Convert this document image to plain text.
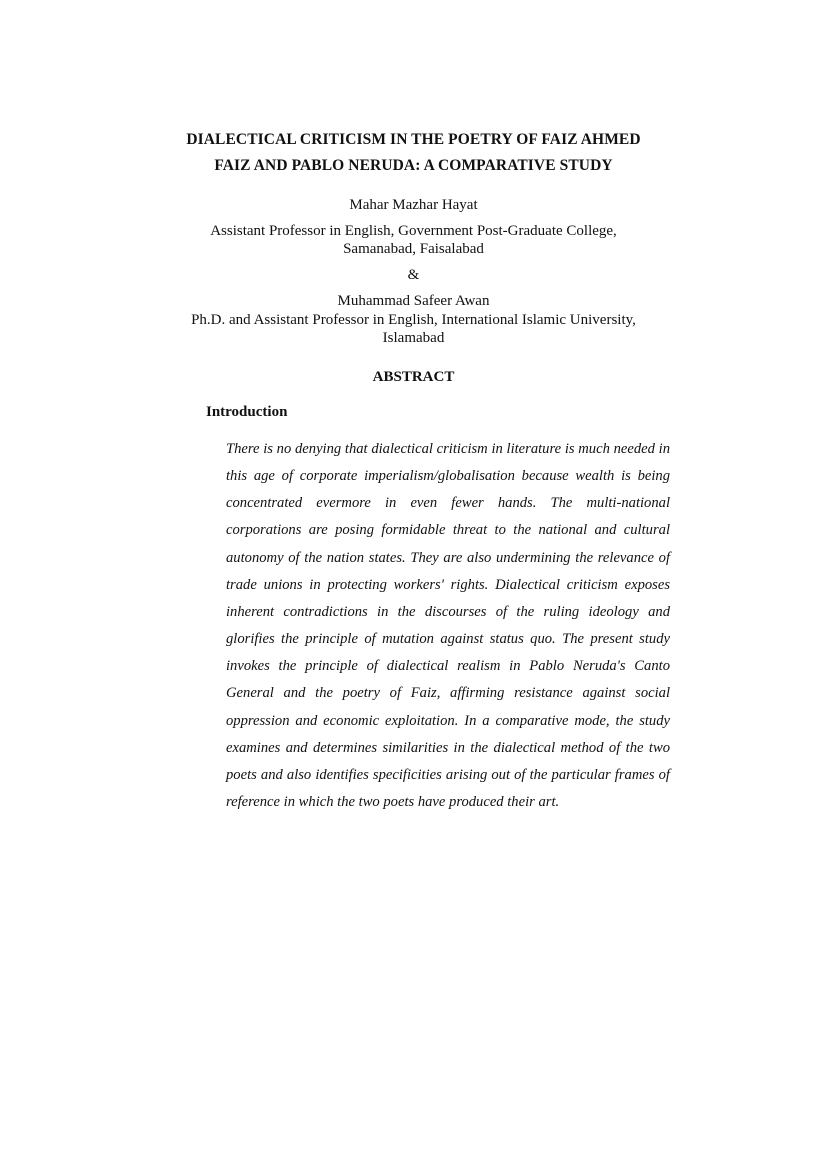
DIALECTICAL CRITICISM IN THE POETRY OF FAIZ AHMED
FAIZ AND PABLO NERUDA: A COMPARATIVE STUDY
Mahar Mazhar Hayat
Assistant Professor in English, Government Post-Graduate College,
Samanabad, Faisalabad
&
Muhammad Safeer Awan
Ph.D. and Assistant Professor in English, International Islamic University,
Islamabad
ABSTRACT
Introduction
There is no denying that dialectical criticism in literature is much needed in this age of corporate imperialism/globalisation because wealth is being concentrated evermore in even fewer hands. The multi-national corporations are posing formidable threat to the national and cultural autonomy of the nation states. They are also undermining the relevance of trade unions in protecting workers' rights. Dialectical criticism exposes inherent contradictions in the discourses of the ruling ideology and glorifies the principle of mutation against status quo. The present study invokes the principle of dialectical realism in Pablo Neruda's Canto General and the poetry of Faiz, affirming resistance against social oppression and economic exploitation. In a comparative mode, the study examines and determines similarities in the dialectical method of the two poets and also identifies specificities arising out of the particular frames of reference in which the two poets have produced their art.
